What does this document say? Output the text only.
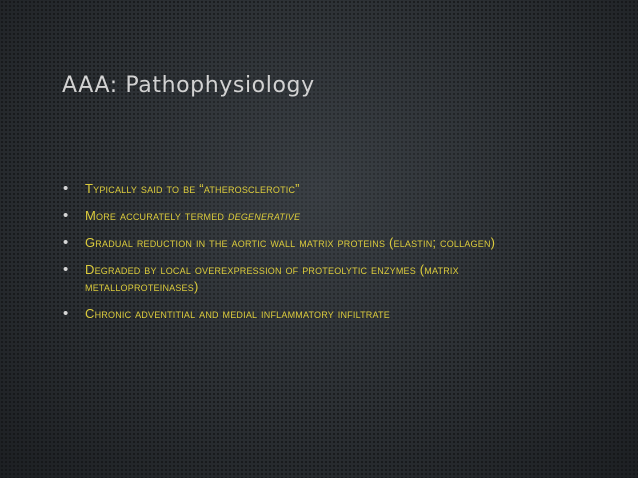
AAA: Pathophysiology
• Typically said to be “atherosclerotic”
• More accurately termed degenerative
• Gradual reduction in the aortic wall matrix proteins (elastin; collagen)
• Degraded by local overexpression of proteolytic enzymes (matrix metalloproteinases)
• Chronic adventitial and medial inflammatory infiltrate
